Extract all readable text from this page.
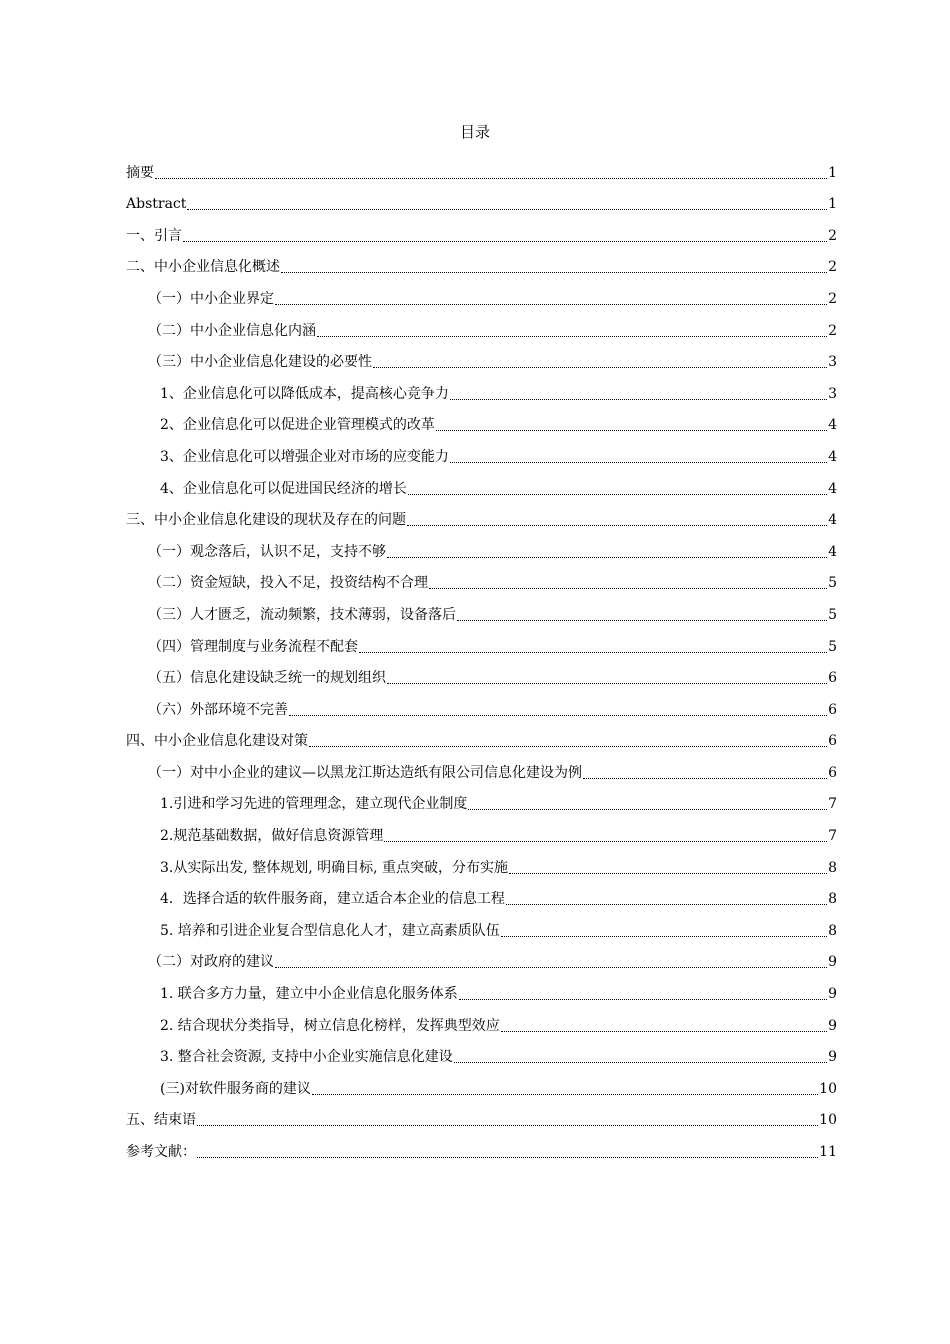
目录
摘要	1
Abstract	1
一、引言	2
二、中小企业信息化概述	2
（一）中小企业界定	2
（二）中小企业信息化内涵	2
（三）中小企业信息化建设的必要性	3
1、企业信息化可以降低成本，提高核心竞争力	3
2、企业信息化可以促进企业管理模式的改革	4
3、企业信息化可以增强企业对市场的应变能力	4
4、企业信息化可以促进国民经济的增长	4
三、中小企业信息化建设的现状及存在的问题	4
（一）观念落后，认识不足，支持不够	4
（二）资金短缺，投入不足，投资结构不合理	5
（三）人才匮乏，流动频繁，技术薄弱，设备落后	5
（四）管理制度与业务流程不配套	5
（五）信息化建设缺乏统一的规划组织	6
（六）外部环境不完善	6
四、中小企业信息化建设对策	6
（一）对中小企业的建议—以黑龙江斯达造纸有限公司信息化建设为例	6
1.引进和学习先进的管理理念，建立现代企业制度	7
2.规范基础数据，做好信息资源管理	7
3.从实际出发, 整体规划, 明确目标, 重点突破，分布实施	8
4．选择合适的软件服务商，建立适合本企业的信息工程	8
5. 培养和引进企业复合型信息化人才，建立高素质队伍	8
（二）对政府的建议	9
1. 联合多方力量，建立中小企业信息化服务体系	9
2. 结合现状分类指导，树立信息化榜样，发挥典型效应	9
3. 整合社会资源, 支持中小企业实施信息化建设	9
(三)对软件服务商的建议	10
五、结束语	10
参考文献：	11
